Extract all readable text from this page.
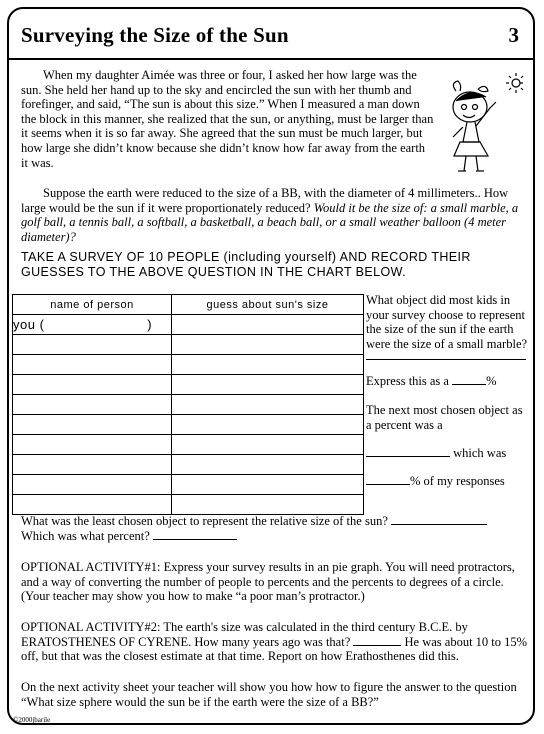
Surveying the Size of the Sun	3
When my daughter Aimée was three or four, I asked her how large was the sun. She held her hand up to the sky and encircled the sun with her thumb and forefinger, and said, “The sun is about this size.” When I measured a man down the block in this manner, she realized that the sun, or anything, must be larger than it seems when it is so far away. She agreed that the sun must be much larger, but how large she didn’t know because she didn’t know how far away from the earth it was.
Suppose the earth were reduced to the size of a BB, with the diameter of 4 millimeters.. How large would be the sun if it were proportionately reduced? Would it be the size of: a small marble, a golf ball, a tennis ball, a softball, a basketball, a beach ball, or a small weather balloon (4 meter diameter)?
TAKE A SURVEY OF 10 PEOPLE (including yourself) AND RECORD THEIR GUESSES TO THE ABOVE QUESTION IN THE CHART BELOW.
name of person	guess about sun's size
you (                         )	

What object did most kids in your survey choose to represent the size of the sun if the earth were the size of a small marble?
Express this as a	%
The next most chosen object as a percent was a
which was
% of my responses
What was the least chosen object to represent the relative size of the sun?
Which was what percent?
OPTIONAL ACTIVITY#1: Express your survey results in an pie graph. You will need protractors, and a way of converting the number of people to percents and the percents to degrees of a circle. (Your teacher may show you how to make “a poor man’s protractor.)
OPTIONAL ACTIVITY#2: The earth's size was calculated in the third century B.C.E. by ERATOSTHENES OF CYRENE. How many years ago was that?	He was about 10 to 15% off, but that was the closest estimate at that time. Report on how Erathosthenes did this.
On the next activity sheet your teacher will show you how how to figure the answer to the question “What size sphere would the sun be if the earth were the size of a BB?”
©2000jbarile
